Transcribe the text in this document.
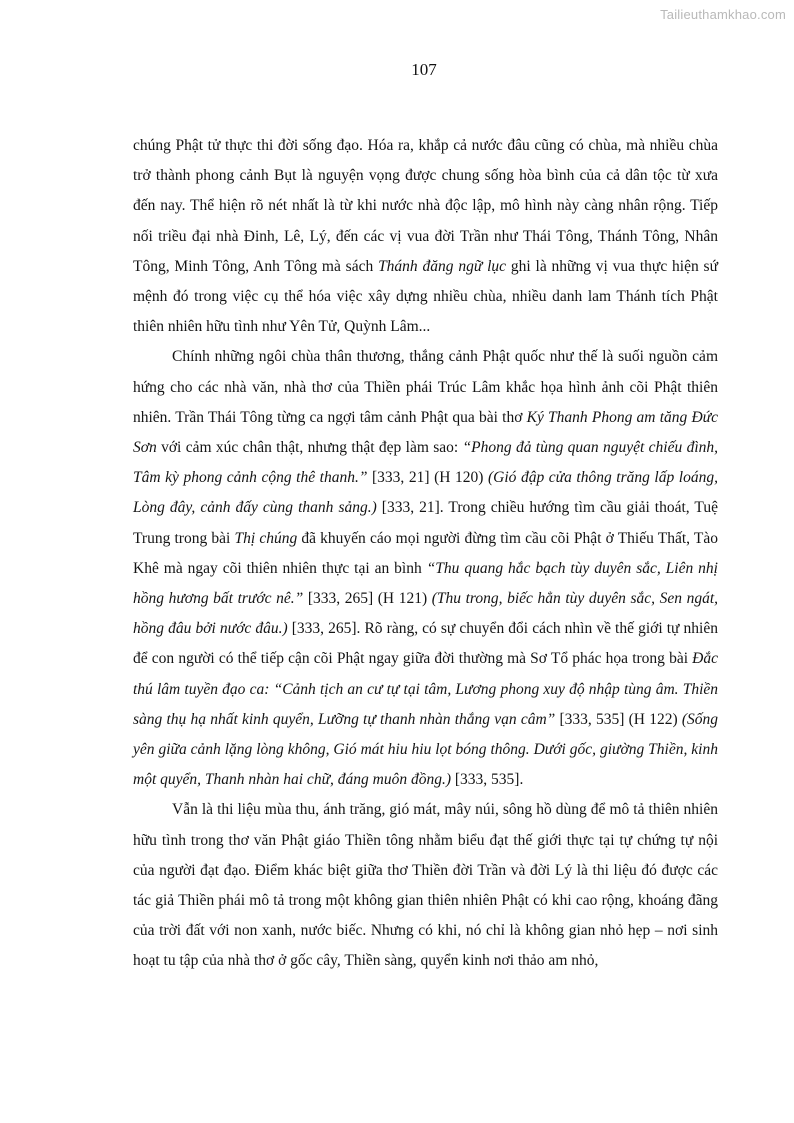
Tailieuthamkhao.com
107

chúng Phật tử thực thi đời sống đạo. Hóa ra, khắp cả nước đâu cũng có chùa, mà nhiều chùa trở thành phong cảnh Bụt là nguyện vọng được chung sống hòa bình của cả dân tộc từ xưa đến nay. Thể hiện rõ nét nhất là từ khi nước nhà độc lập, mô hình này càng nhân rộng. Tiếp nối triều đại nhà Đinh, Lê, Lý, đến các vị vua đời Trần như Thái Tông, Thánh Tông, Nhân Tông, Minh Tông, Anh Tông mà sách Thánh đăng ngữ lục ghi là những vị vua thực hiện sứ mệnh đó trong việc cụ thể hóa việc xây dựng nhiều chùa, nhiều danh lam Thánh tích Phật thiên nhiên hữu tình như Yên Tử, Quỳnh Lâm...

Chính những ngôi chùa thân thương, thắng cảnh Phật quốc như thế là suối nguồn cảm hứng cho các nhà văn, nhà thơ của Thiền phái Trúc Lâm khắc họa hình ảnh cõi Phật thiên nhiên. Trần Thái Tông từng ca ngợi tâm cảnh Phật qua bài thơ Ký Thanh Phong am tăng Đức Sơn với cảm xúc chân thật, nhưng thật đẹp làm sao: “Phong đả tùng quan nguyệt chiếu đình, Tâm kỳ phong cảnh cộng thê thanh.” [333, 21] (H 120) (Gió đập cửa thông trăng lấp loáng, Lòng đây, cảnh đấy cùng thanh sảng.) [333, 21]. Trong chiều hướng tìm cầu giải thoát, Tuệ Trung trong bài Thị chúng đã khuyến cáo mọi người đừng tìm cầu cõi Phật ở Thiếu Thất, Tào Khê mà ngay cõi thiên nhiên thực tại an bình “Thu quang hắc bạch tùy duyên sắc, Liên nhị hồng hương bất trước nê.” [333, 265] (H 121) (Thu trong, biếc hẳn tùy duyên sắc, Sen ngát, hồng đâu bởi nước đâu.) [333, 265]. Rõ ràng, có sự chuyển đổi cách nhìn về thế giới tự nhiên để con người có thể tiếp cận cõi Phật ngay giữa đời thường mà Sơ Tổ phác họa trong bài Đắc thú lâm tuyền đạo ca: “Cảnh tịch an cư tự tại tâm, Lương phong xuy độ nhập tùng âm. Thiền sàng thụ hạ nhất kinh quyển, Lưỡng tự thanh nhàn thắng vạn câm” [333, 535] (H 122) (Sống yên giữa cảnh lặng lòng không, Gió mát hiu hiu lọt bóng thông. Dưới gốc, giường Thiền, kinh một quyển, Thanh nhàn hai chữ, đáng muôn đồng.) [333, 535].

Vẫn là thi liệu mùa thu, ánh trăng, gió mát, mây núi, sông hồ dùng để mô tả thiên nhiên hữu tình trong thơ văn Phật giáo Thiền tông nhằm biểu đạt thế giới thực tại tự chứng tự nội của người đạt đạo. Điểm khác biệt giữa thơ Thiền đời Trần và đời Lý là thi liệu đó được các tác giả Thiền phái mô tả trong một không gian thiên nhiên Phật có khi cao rộng, khoáng đãng của trời đất với non xanh, nước biếc. Nhưng có khi, nó chỉ là không gian nhỏ hẹp – nơi sinh hoạt tu tập của nhà thơ ở gốc cây, Thiền sàng, quyển kinh nơi thảo am nhỏ,
